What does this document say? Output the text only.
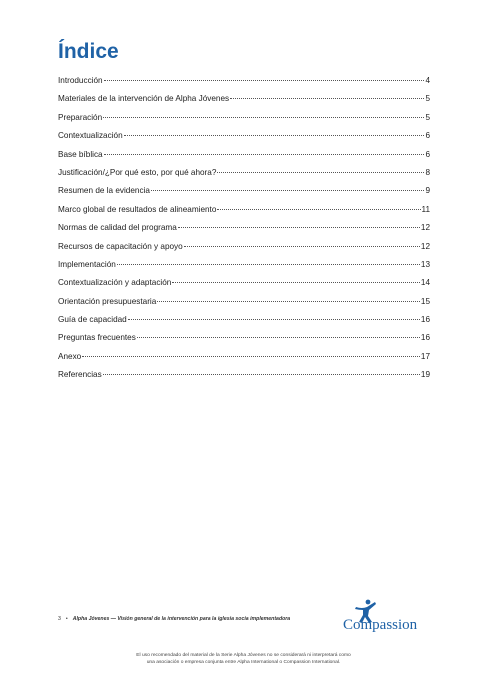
Índice
Introducción	4
Materiales de la intervención de Alpha Jóvenes	5
Preparación	5
Contextualización	6
Base bíblica	6
Justificación/¿Por qué esto, por qué ahora?	8
Resumen de la evidencia	9
Marco global de resultados de alineamiento	11
Normas de calidad del programa	12
Recursos de capacitación y apoyo	12
Implementación	13
Contextualización y adaptación	14
Orientación presupuestaria	15
Guía de capacidad	16
Preguntas frecuentes	16
Anexo	17
Referencias	19
3 • Alpha Jóvenes — Visión general de la intervención para la iglesia socia implementadora	Compassion
El uso recomendado del material de la Serie Alpha Jóvenes no se considerará ni interpretará como
una asociación o empresa conjunta entre Alpha International o Compassion International.
